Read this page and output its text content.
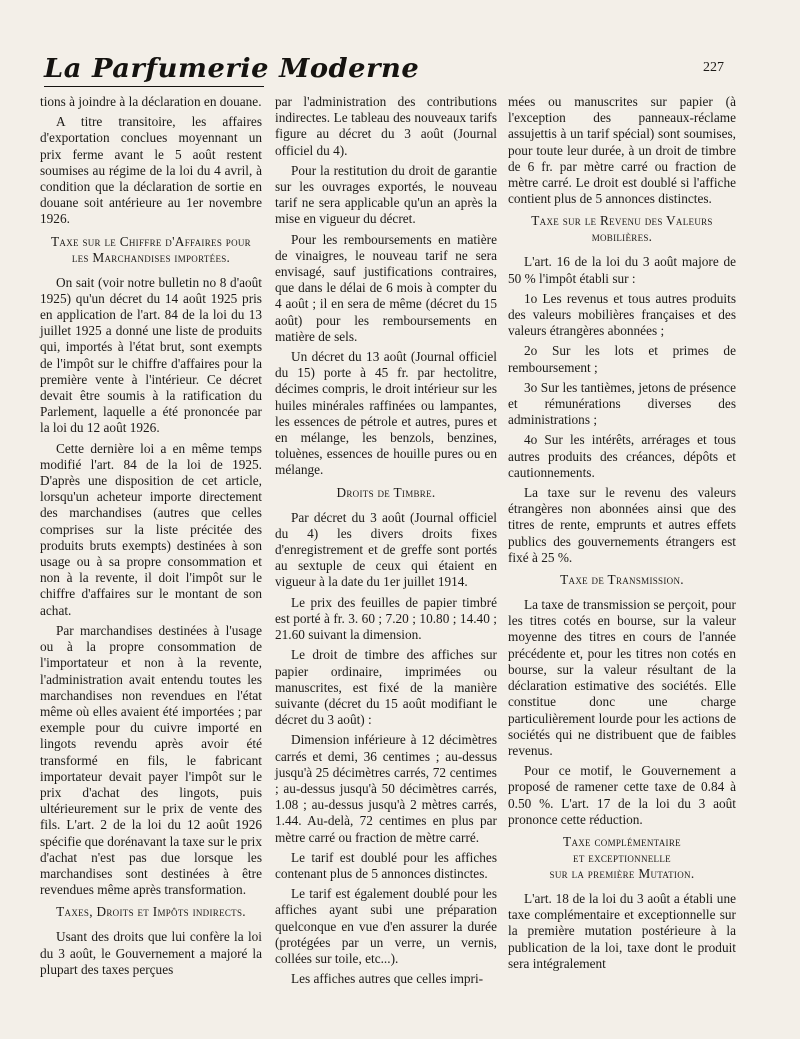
La Parfumerie Moderne	227

tions à joindre à la déclaration en douane.

A titre transitoire, les affaires d'exportation conclues moyennant un prix ferme avant le 5 août restent soumises au régime de la loi du 4 avril, à condition que la déclaration de sortie en douane soit antérieure au 1er novembre 1926.

Taxe sur le Chiffre d'Affaires pour
les Marchandises importées.

On sait (voir notre bulletin no 8 d'août 1925) qu'un décret du 14 août 1925 pris en application de l'art. 84 de la loi du 13 juillet 1925 a donné une liste de produits qui, importés à l'état brut, sont exempts de l'impôt sur le chiffre d'affaires pour la première vente à l'intérieur. Ce décret devait être soumis à la ratification du Parlement, laquelle a été prononcée par la loi du 12 août 1926.

Cette dernière loi a en même temps modifié l'art. 84 de la loi de 1925. D'après une disposition de cet article, lorsqu'un acheteur importe directement des marchandises (autres que celles comprises sur la liste précitée des produits bruts exempts) destinées à son usage ou à sa propre consommation et non à la revente, il doit l'impôt sur le chiffre d'affaires sur le montant de son achat.

Par marchandises destinées à l'usage ou à la propre consommation de l'importateur et non à la revente, l'administration avait entendu toutes les marchandises non revendues en l'état même où elles avaient été importées ; par exemple pour du cuivre importé en lingots revendu après avoir été transformé en fils, le fabricant importateur devait payer l'impôt sur le prix d'achat des lingots, puis ultérieurement sur le prix de vente des fils. L'art. 2 de la loi du 12 août 1926 spécifie que dorénavant la taxe sur le prix d'achat n'est pas due lorsque les marchandises sont destinées à être revendues même après transformation.

Taxes, Droits et Impôts indirects.

Usant des droits que lui confère la loi du 3 août, le Gouvernement a majoré la plupart des taxes perçues

par l'administration des contributions indirectes. Le tableau des nouveaux tarifs figure au décret du 3 août (Journal officiel du 4).

Pour la restitution du droit de garantie sur les ouvrages exportés, le nouveau tarif ne sera applicable qu'un an après la mise en vigueur du décret.

Pour les remboursements en matière de vinaigres, le nouveau tarif ne sera envisagé, sauf justifications contraires, que dans le délai de 6 mois à compter du 4 août ; il en sera de même (décret du 15 août) pour les remboursements en matière de sels.

Un décret du 13 août (Journal officiel du 15) porte à 45 fr. par hectolitre, décimes compris, le droit intérieur sur les huiles minérales raffinées ou lampantes, les essences de pétrole et autres, pures et en mélange, les benzols, benzines, toluènes, essences de houille pures ou en mélange.

Droits de Timbre.

Par décret du 3 août (Journal officiel du 4) les divers droits fixes d'enregistrement et de greffe sont portés au sextuple de ceux qui étaient en vigueur à la date du 1er juillet 1914.

Le prix des feuilles de papier timbré est porté à fr. 3. 60 ; 7.20 ; 10.80 ; 14.40 ; 21.60 suivant la dimension.

Le droit de timbre des affiches sur papier ordinaire, imprimées ou manuscrites, est fixé de la manière suivante (décret du 15 août modifiant le décret du 3 août) :

Dimension inférieure à 12 décimètres carrés et demi, 36 centimes ; au-dessus jusqu'à 25 décimètres carrés, 72 centimes ; au-dessus jusqu'à 50 décimètres carrés, 1.08 ; au-dessus jusqu'à 2 mètres carrés, 1.44. Au-delà, 72 centimes en plus par mètre carré ou fraction de mètre carré.

Le tarif est doublé pour les affiches contenant plus de 5 annonces distinctes.

Le tarif est également doublé pour les affiches ayant subi une préparation quelconque en vue d'en assurer la durée (protégées par un verre, un vernis, collées sur toile, etc...).

Les affiches autres que celles impri-

mées ou manuscrites sur papier (à l'exception des panneaux-réclame assujettis à un tarif spécial) sont soumises, pour toute leur durée, à un droit de timbre de 6 fr. par mètre carré ou fraction de mètre carré. Le droit est doublé si l'affiche contient plus de 5 annonces distinctes.

Taxe sur le Revenu des Valeurs
mobilières.

L'art. 16 de la loi du 3 août majore de 50 % l'impôt établi sur :

1o Les revenus et tous autres produits des valeurs mobilières françaises et des valeurs étrangères abonnées ;

2o Sur les lots et primes de remboursement ;

3o Sur les tantièmes, jetons de présence et rémunérations diverses des administrations ;

4o Sur les intérêts, arrérages et tous autres produits des créances, dépôts et cautionnements.

La taxe sur le revenu des valeurs étrangères non abonnées ainsi que des titres de rente, emprunts et autres effets publics des gouvernements étrangers est fixé à 25 %.

Taxe de Transmission.

La taxe de transmission se perçoit, pour les titres cotés en bourse, sur la valeur moyenne des titres en cours de l'année précédente et, pour les titres non cotés en bourse, sur la valeur résultant de la déclaration estimative des sociétés. Elle constitue donc une charge particulièrement lourde pour les actions de sociétés qui ne distribuent que de faibles revenus.

Pour ce motif, le Gouvernement a proposé de ramener cette taxe de 0.84 à 0.50 %. L'art. 17 de la loi du 3 août prononce cette réduction.

Taxe complémentaire
et exceptionnelle
sur la première Mutation.

L'art. 18 de la loi du 3 août a établi une taxe complémentaire et exceptionnelle sur la première mutation postérieure à la publication de la loi, taxe dont le produit sera intégralement
